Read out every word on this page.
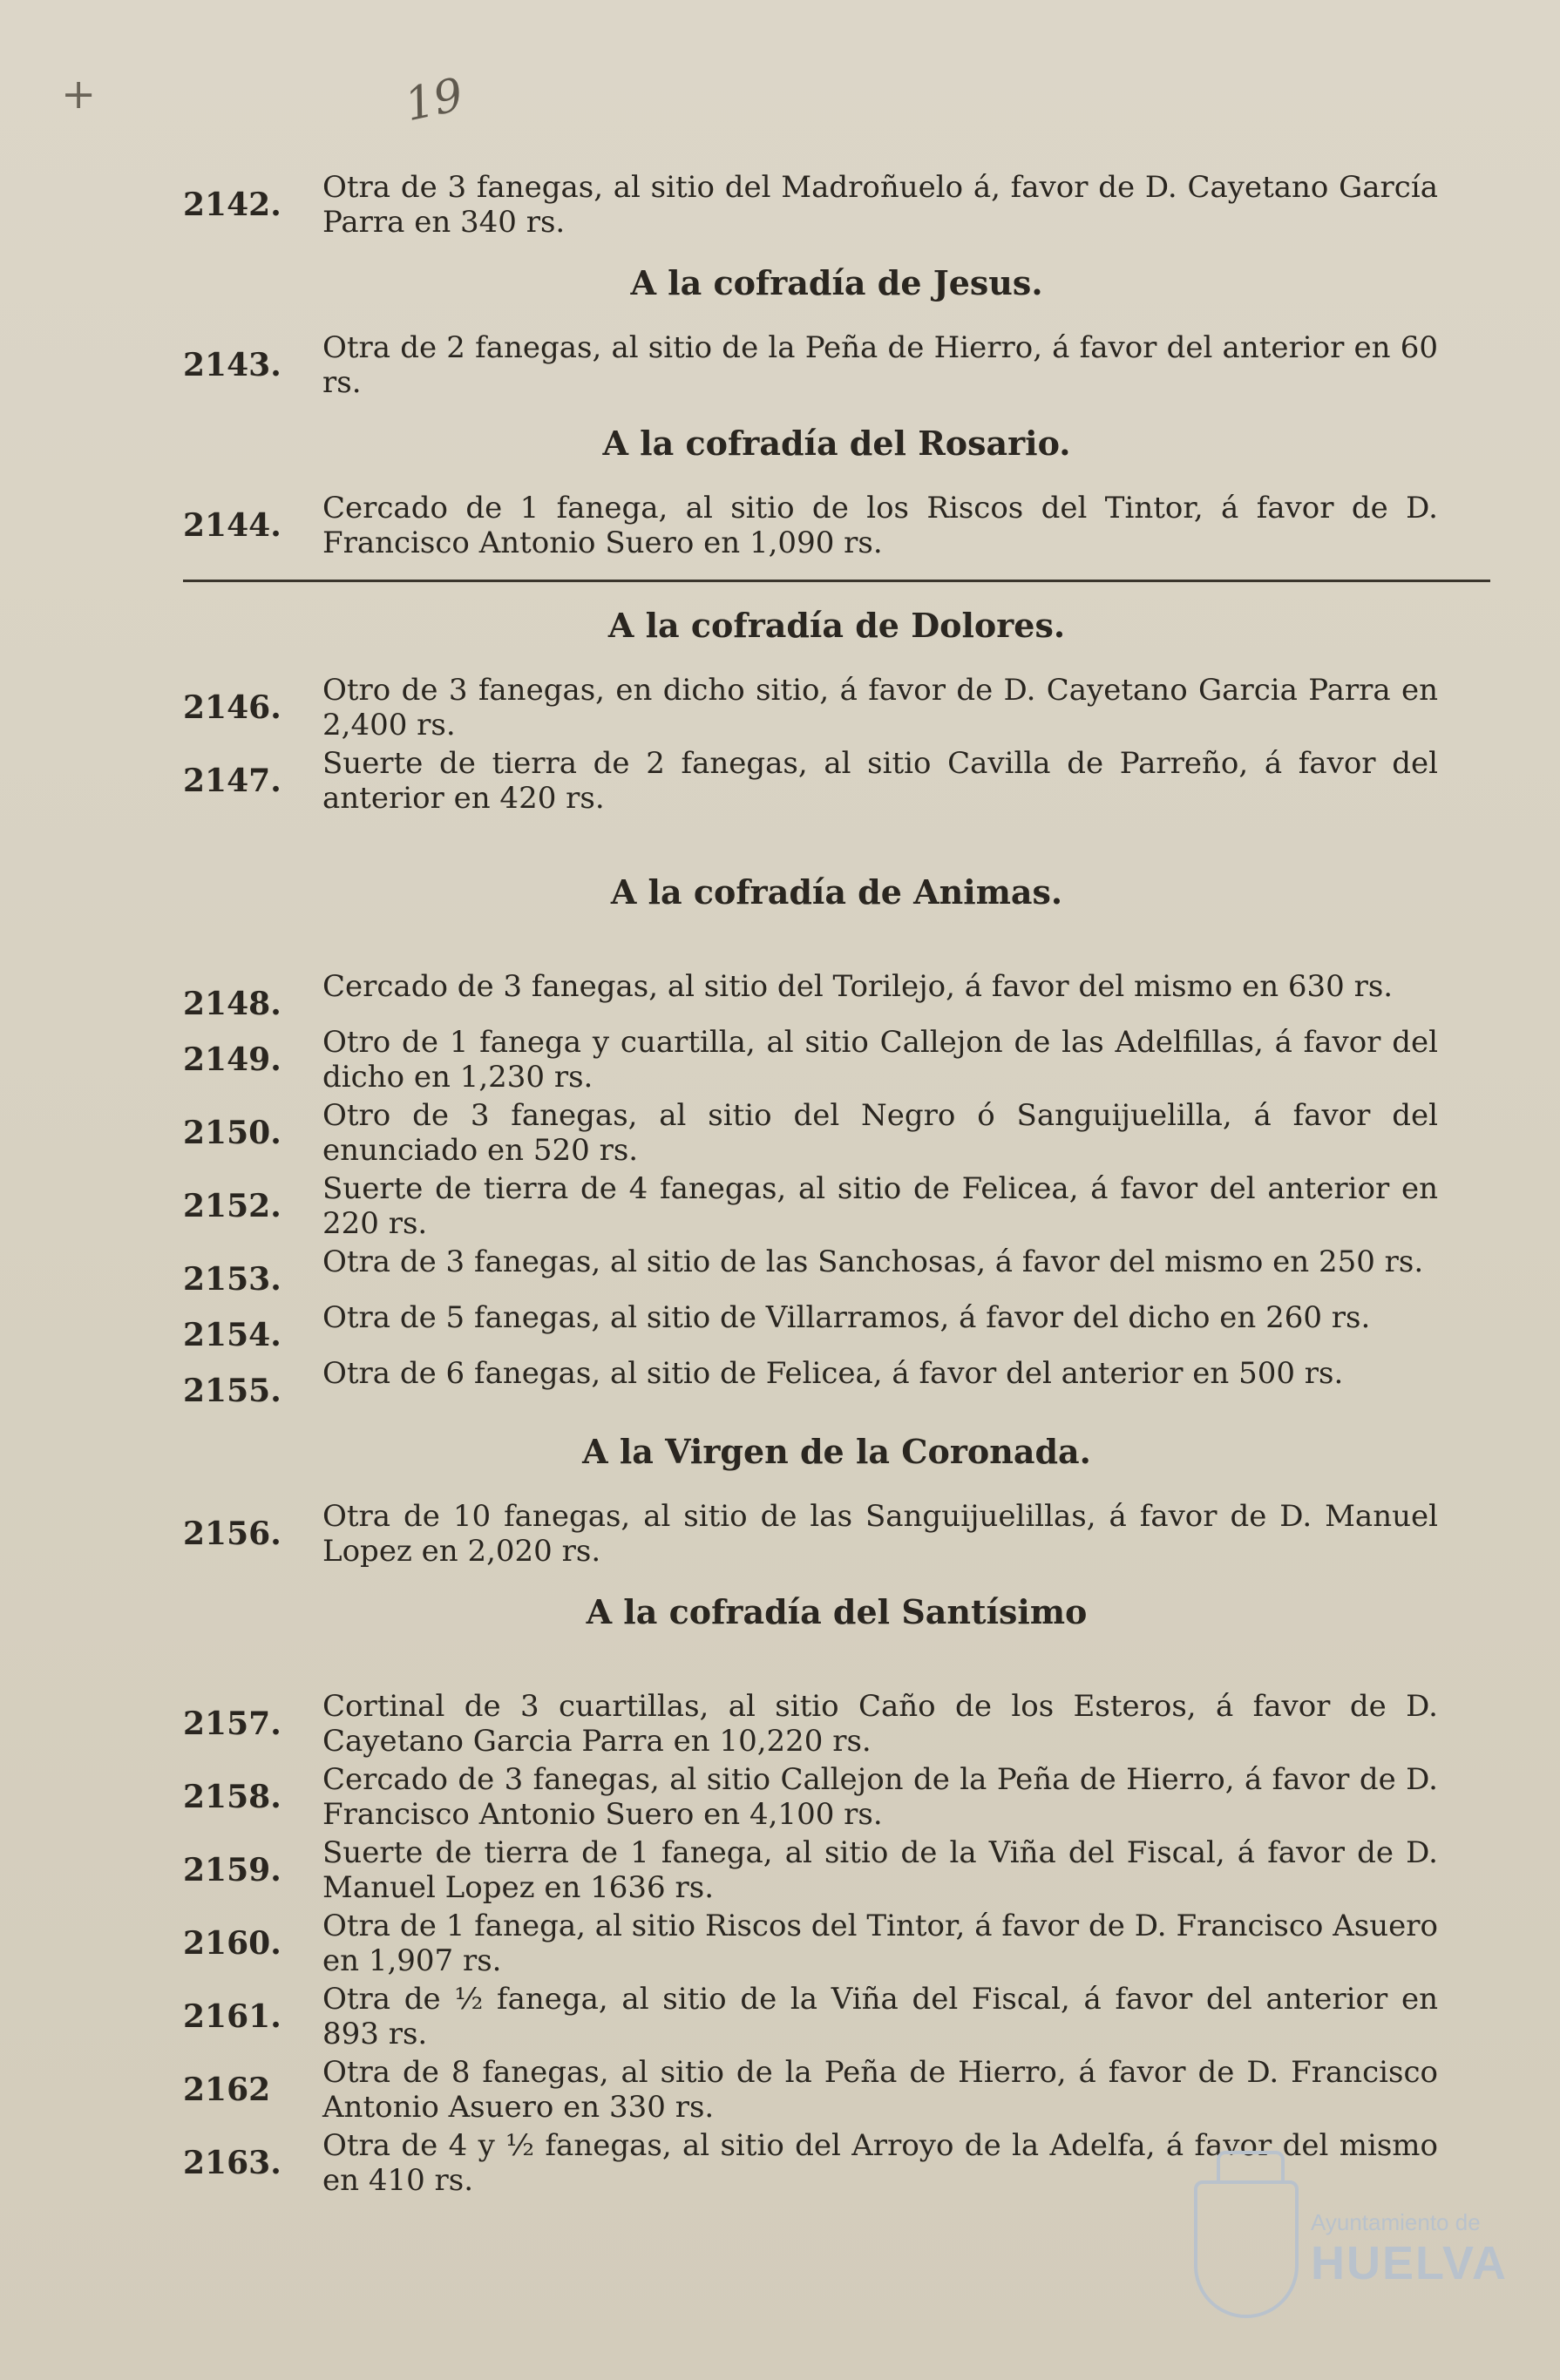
+	19
2142.	Otra de 3 fanegas, al sitio del Madroñuelo á, favor de D. Cayetano García Parra en 340 rs.
A la cofradía de Jesus.
2143.	Otra de 2 fanegas, al sitio de la Peña de Hierro, á favor del anterior en 60 rs.
A la cofradía del Rosario.
2144.	Cercado de 1 fanega, al sitio de los Riscos del Tintor, á favor de D. Francisco Antonio Suero en 1,090 rs.
A la cofradía de Dolores.
2146.	Otro de 3 fanegas, en dicho sitio, á favor de D. Cayetano Garcia Parra en 2,400 rs.
2147.	Suerte de tierra de 2 fanegas, al sitio Cavilla de Parreño, á favor del anterior en 420 rs.
A la cofradía de Animas.
2148.	Cercado de 3 fanegas, al sitio del Torilejo, á favor del mismo en 630 rs.
2149.	Otro de 1 fanega y cuartilla, al sitio Callejon de las Adelfillas, á favor del dicho en 1,230 rs.
2150.	Otro de 3 fanegas, al sitio del Negro ó Sanguijuelilla, á favor del enunciado en 520 rs.
2152.	Suerte de tierra de 4 fanegas, al sitio de Felicea, á favor del anterior en 220 rs.
2153.	Otra de 3 fanegas, al sitio de las Sanchosas, á favor del mismo en 250 rs.
2154.	Otra de 5 fanegas, al sitio de Villarramos, á favor del dicho en 260 rs.
2155.	Otra de 6 fanegas, al sitio de Felicea, á favor del anterior en 500 rs.
A la Virgen de la Coronada.
2156.	Otra de 10 fanegas, al sitio de las Sanguijuelillas, á favor de D. Manuel Lopez en 2,020 rs.
A la cofradía del Santísimo
2157.	Cortinal de 3 cuartillas, al sitio Caño de los Esteros, á favor de D. Cayetano Garcia Parra en 10,220 rs.
2158.	Cercado de 3 fanegas, al sitio Callejon de la Peña de Hierro, á favor de D. Francisco Antonio Suero en 4,100 rs.
2159.	Suerte de tierra de 1 fanega, al sitio de la Viña del Fiscal, á favor de D. Manuel Lopez en 1636 rs.
2160.	Otra de 1 fanega, al sitio Riscos del Tintor, á favor de D. Francisco Asuero en 1,907 rs.
2161.	Otra de ½ fanega, al sitio de la Viña del Fiscal, á favor del anterior en 893 rs.
2162	Otra de 8 fanegas, al sitio de la Peña de Hierro, á favor de D. Francisco Antonio Asuero en 330 rs.
2163.	Otra de 4 y ½ fanegas, al sitio del Arroyo de la Adelfa, á favor del mismo en 410 rs.
Ayuntamiento de
HUELVA
